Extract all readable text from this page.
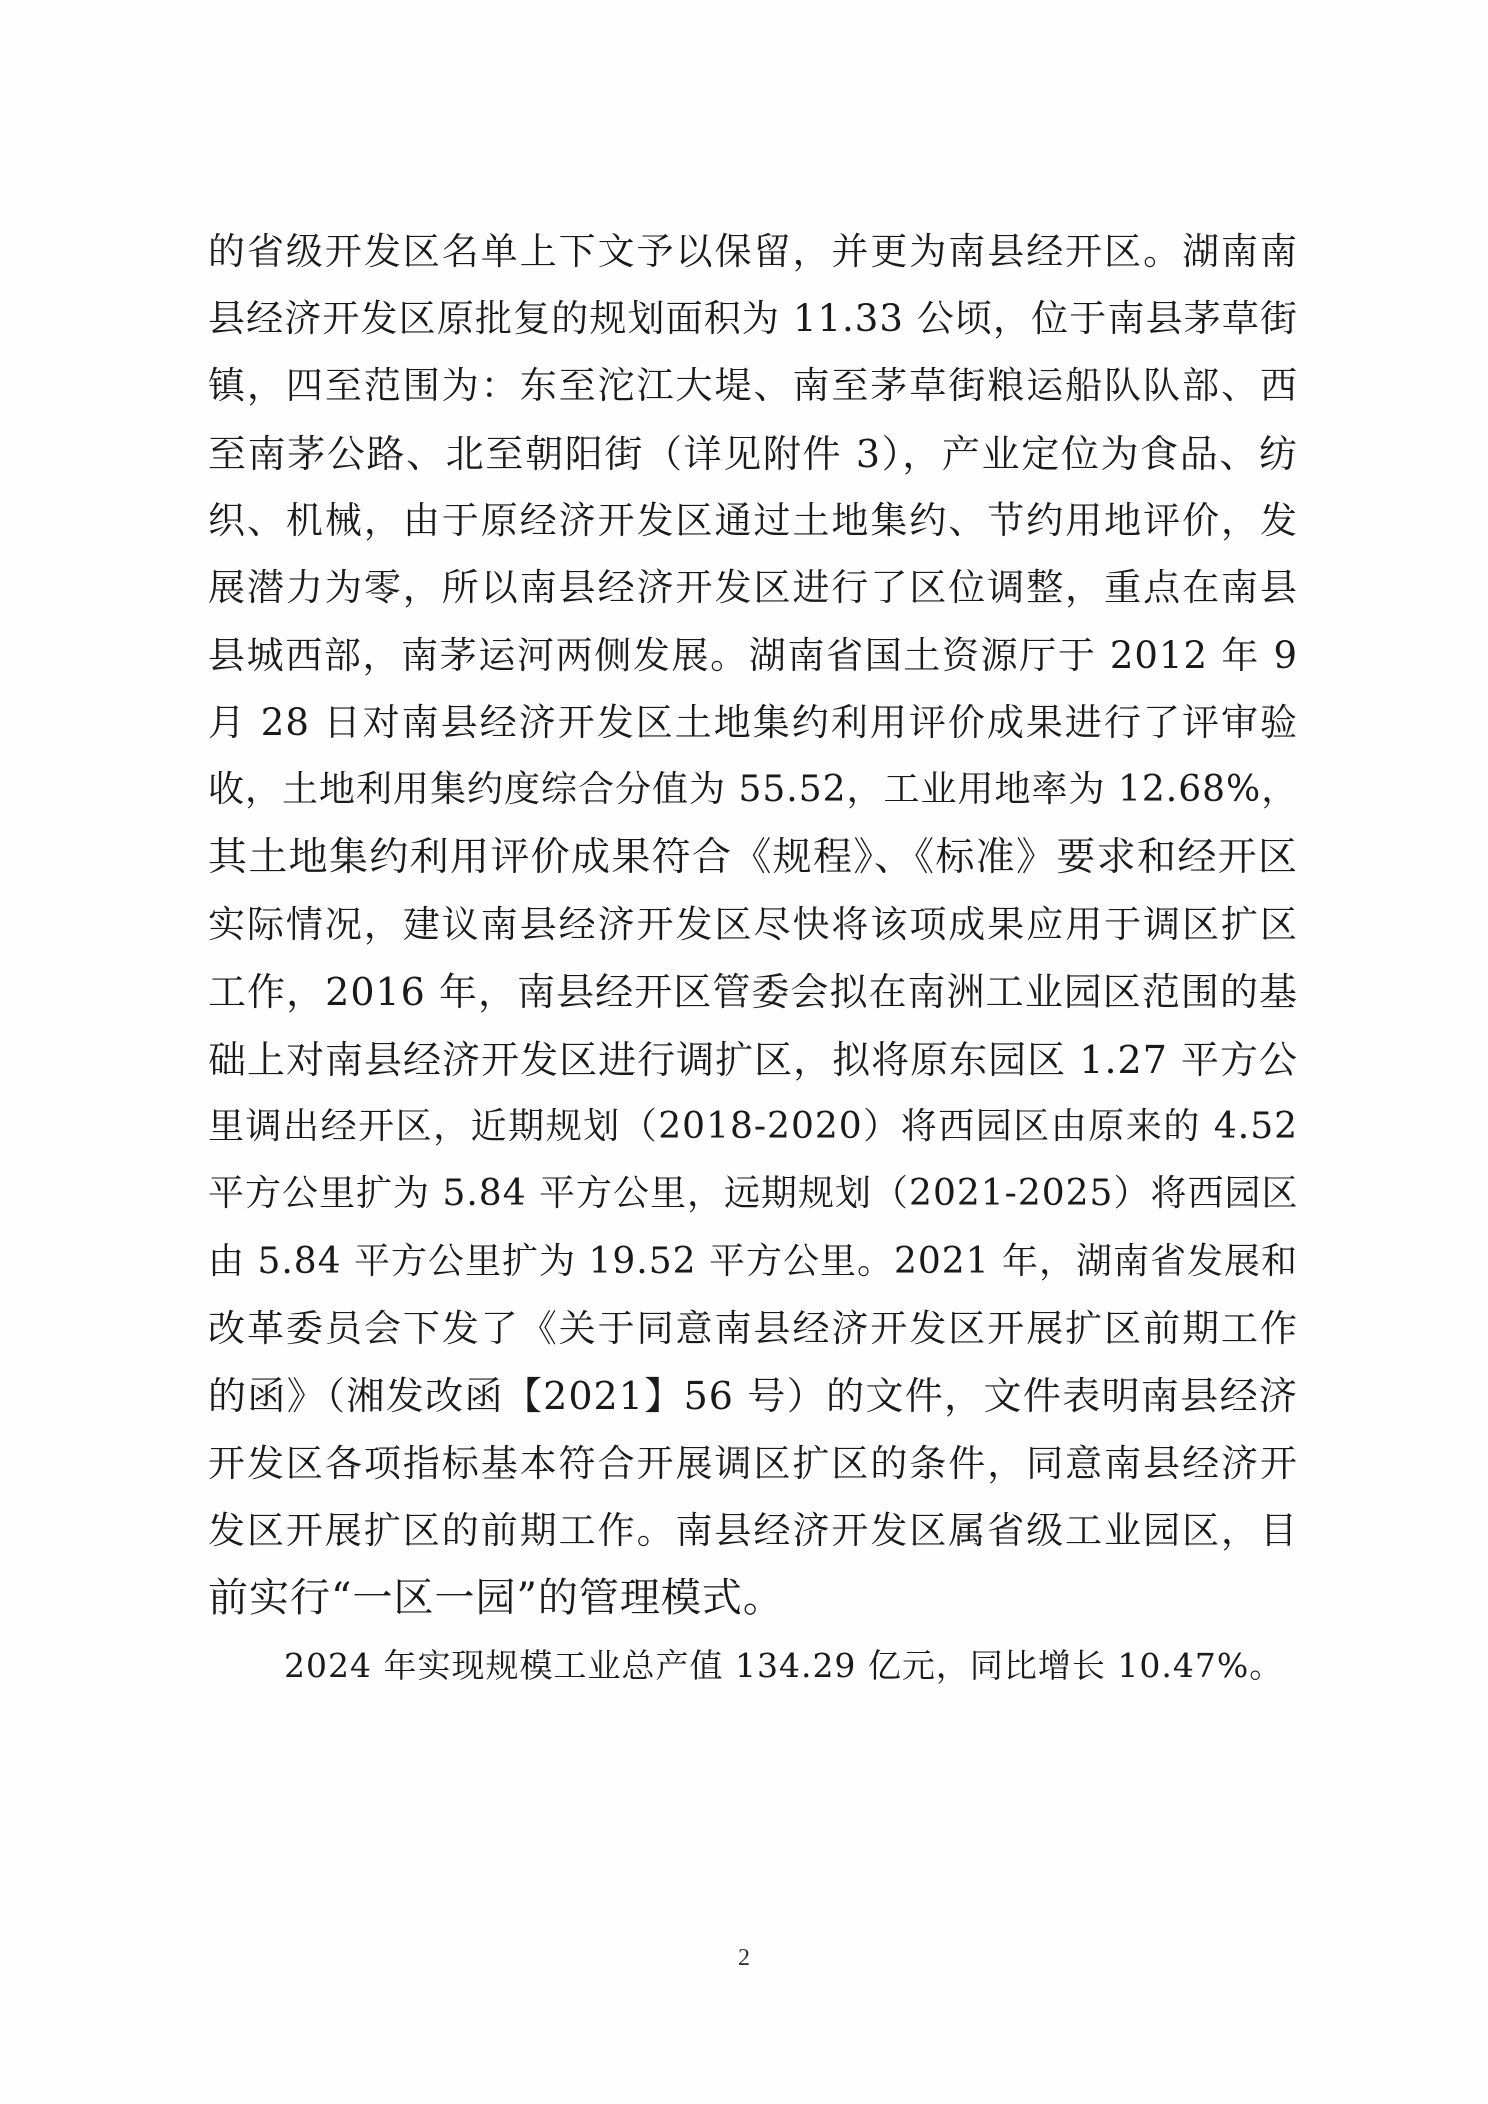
的省级开发区名单上下文予以保留，并更为南县经开区。湖南南
县经济开发区原批复的规划面积为 11.33 公顷，位于南县茅草街
镇，四至范围为：东至沱江大堤、南至茅草街粮运船队队部、西
至南茅公路、北至朝阳街（详见附件 3），产业定位为食品、纺
织、机械，由于原经济开发区通过土地集约、节约用地评价，发
展潜力为零，所以南县经济开发区进行了区位调整，重点在南县
县城西部，南茅运河两侧发展。湖南省国土资源厅于 2012 年 9
月 28 日对南县经济开发区土地集约利用评价成果进行了评审验
收，土地利用集约度综合分值为 55.52，工业用地率为 12.68%，
其土地集约利用评价成果符合《规程》、《标准》要求和经开区
实际情况，建议南县经济开发区尽快将该项成果应用于调区扩区
工作，2016 年，南县经开区管委会拟在南洲工业园区范围的基
础上对南县经济开发区进行调扩区，拟将原东园区 1.27 平方公
里调出经开区，近期规划（2018-2020）将西园区由原来的 4.52
平方公里扩为 5.84 平方公里，远期规划（2021-2025）将西园区
由 5.84 平方公里扩为 19.52 平方公里。2021 年，湖南省发展和
改革委员会下发了《关于同意南县经济开发区开展扩区前期工作
的函》（湘发改函【2021】56 号）的文件，文件表明南县经济
开发区各项指标基本符合开展调区扩区的条件，同意南县经济开
发区开展扩区的前期工作。南县经济开发区属省级工业园区，目
前实行“一区一园”的管理模式。
2024 年实现规模工业总产值 134.29 亿元，同比增长 10.47%。
2
